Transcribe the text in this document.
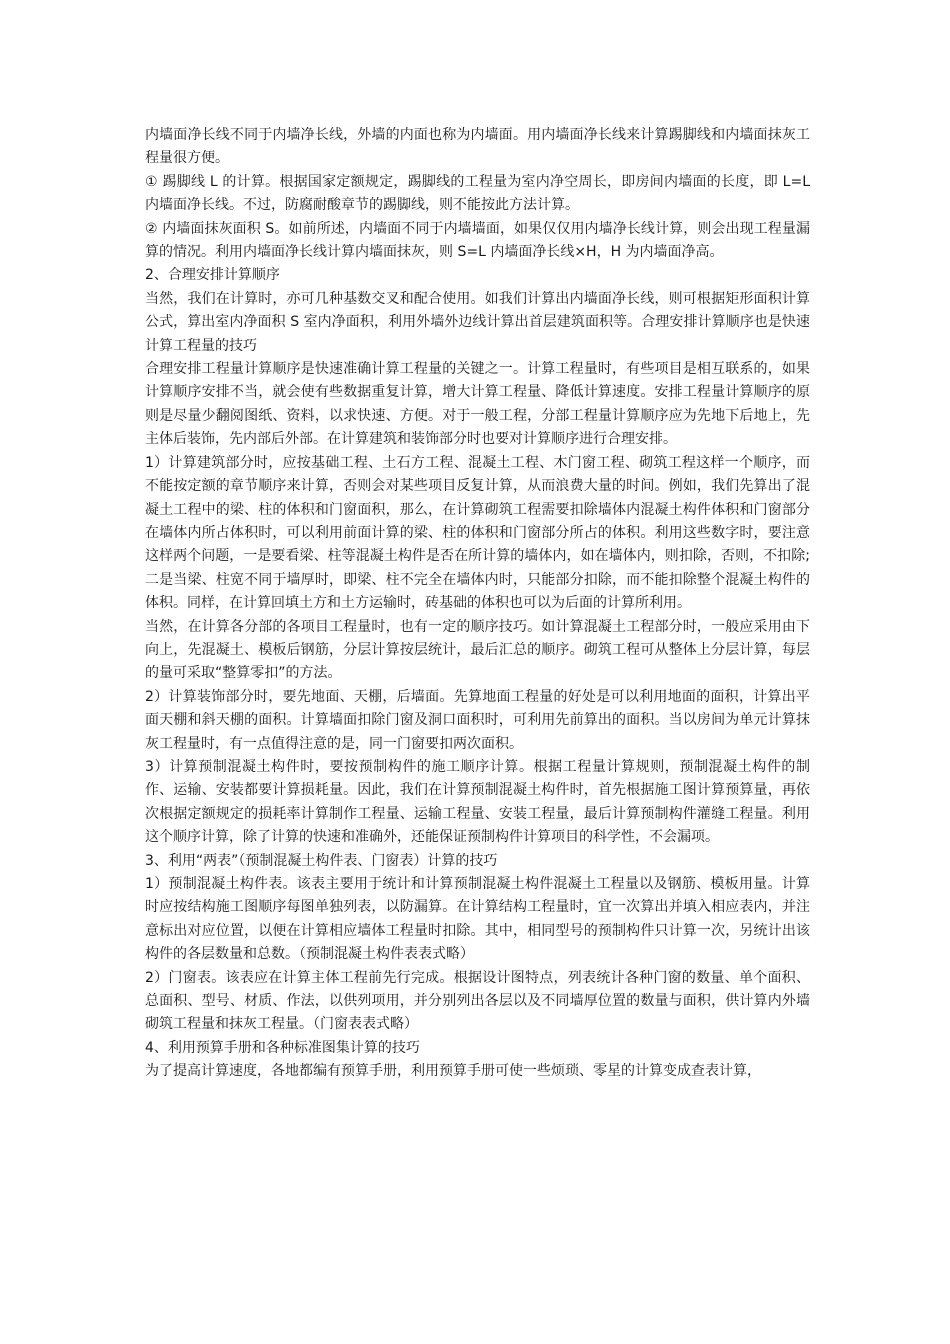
内墙面净长线不同于内墙净长线，外墙的内面也称为内墙面。用内墙面净长线来计算踢脚线和内墙面抹灰工程量很方便。

① 踢脚线 L 的计算。根据国家定额规定，踢脚线的工程量为室内净空周长，即房间内墙面的长度，即 L=L 内墙面净长线。不过，防腐耐酸章节的踢脚线，则不能按此方法计算。

② 内墙面抹灰面积 S。如前所述，内墙面不同于内墙墙面，如果仅仅用内墙净长线计算，则会出现工程量漏算的情况。利用内墙面净长线计算内墙面抹灰，则 S=L 内墙面净长线×H，H 为内墙面净高。

2、合理安排计算顺序

当然，我们在计算时，亦可几种基数交叉和配合使用。如我们计算出内墙面净长线，则可根据矩形面积计算公式，算出室内净面积 S 室内净面积，利用外墙外边线计算出首层建筑面积等。合理安排计算顺序也是快速计算工程量的技巧

合理安排工程量计算顺序是快速准确计算工程量的关键之一。计算工程量时，有些项目是相互联系的，如果计算顺序安排不当，就会使有些数据重复计算，增大计算工程量、降低计算速度。安排工程量计算顺序的原则是尽量少翻阅图纸、资料，以求快速、方便。对于一般工程，分部工程量计算顺序应为先地下后地上，先主体后装饰，先内部后外部。在计算建筑和装饰部分时也要对计算顺序进行合理安排。

1）计算建筑部分时，应按基础工程、土石方工程、混凝土工程、木门窗工程、砌筑工程这样一个顺序，而不能按定额的章节顺序来计算，否则会对某些项目反复计算，从而浪费大量的时间。例如，我们先算出了混凝土工程中的梁、柱的体积和门窗面积，那么，在计算砌筑工程需要扣除墙体内混凝土构件体积和门窗部分在墙体内所占体积时，可以利用前面计算的梁、柱的体积和门窗部分所占的体积。利用这些数字时，要注意这样两个问题，一是要看梁、柱等混凝土构件是否在所计算的墙体内，如在墙体内，则扣除，否则，不扣除;二是当梁、柱宽不同于墙厚时，即梁、柱不完全在墙体内时，只能部分扣除，而不能扣除整个混凝土构件的体积。同样，在计算回填土方和土方运输时，砖基础的体积也可以为后面的计算所利用。

当然，在计算各分部的各项目工程量时，也有一定的顺序技巧。如计算混凝土工程部分时，一般应采用由下向上，先混凝土、模板后钢筋，分层计算按层统计，最后汇总的顺序。砌筑工程可从整体上分层计算，每层的量可采取“整算零扣”的方法。

2）计算装饰部分时，要先地面、天棚，后墙面。先算地面工程量的好处是可以利用地面的面积，计算出平面天棚和斜天棚的面积。计算墙面扣除门窗及洞口面积时，可利用先前算出的面积。当以房间为单元计算抹灰工程量时，有一点值得注意的是，同一门窗要扣两次面积。

3）计算预制混凝土构件时，要按预制构件的施工顺序计算。根据工程量计算规则，预制混凝土构件的制作、运输、安装都要计算损耗量。因此，我们在计算预制混凝土构件时，首先根据施工图计算预算量，再依次根据定额规定的损耗率计算制作工程量、运输工程量、安装工程量，最后计算预制构件灌缝工程量。利用这个顺序计算，除了计算的快速和准确外，还能保证预制构件计算项目的科学性，不会漏项。

3、利用“两表”（预制混凝土构件表、门窗表）计算的技巧

1）预制混凝土构件表。该表主要用于统计和计算预制混凝土构件混凝土工程量以及钢筋、模板用量。计算时应按结构施工图顺序每图单独列表，以防漏算。在计算结构工程量时，宜一次算出并填入相应表内，并注意标出对应位置，以便在计算相应墙体工程量时扣除。其中，相同型号的预制构件只计算一次，另统计出该构件的各层数量和总数。（预制混凝土构件表表式略）

2）门窗表。该表应在计算主体工程前先行完成。根据设计图特点，列表统计各种门窗的数量、单个面积、总面积、型号、材质、作法，以供列项用，并分别列出各层以及不同墙厚位置的数量与面积，供计算内外墙砌筑工程量和抹灰工程量。（门窗表表式略）

4、利用预算手册和各种标准图集计算的技巧

为了提高计算速度，各地都编有预算手册，利用预算手册可使一些烦琐、零星的计算变成查表计算，
